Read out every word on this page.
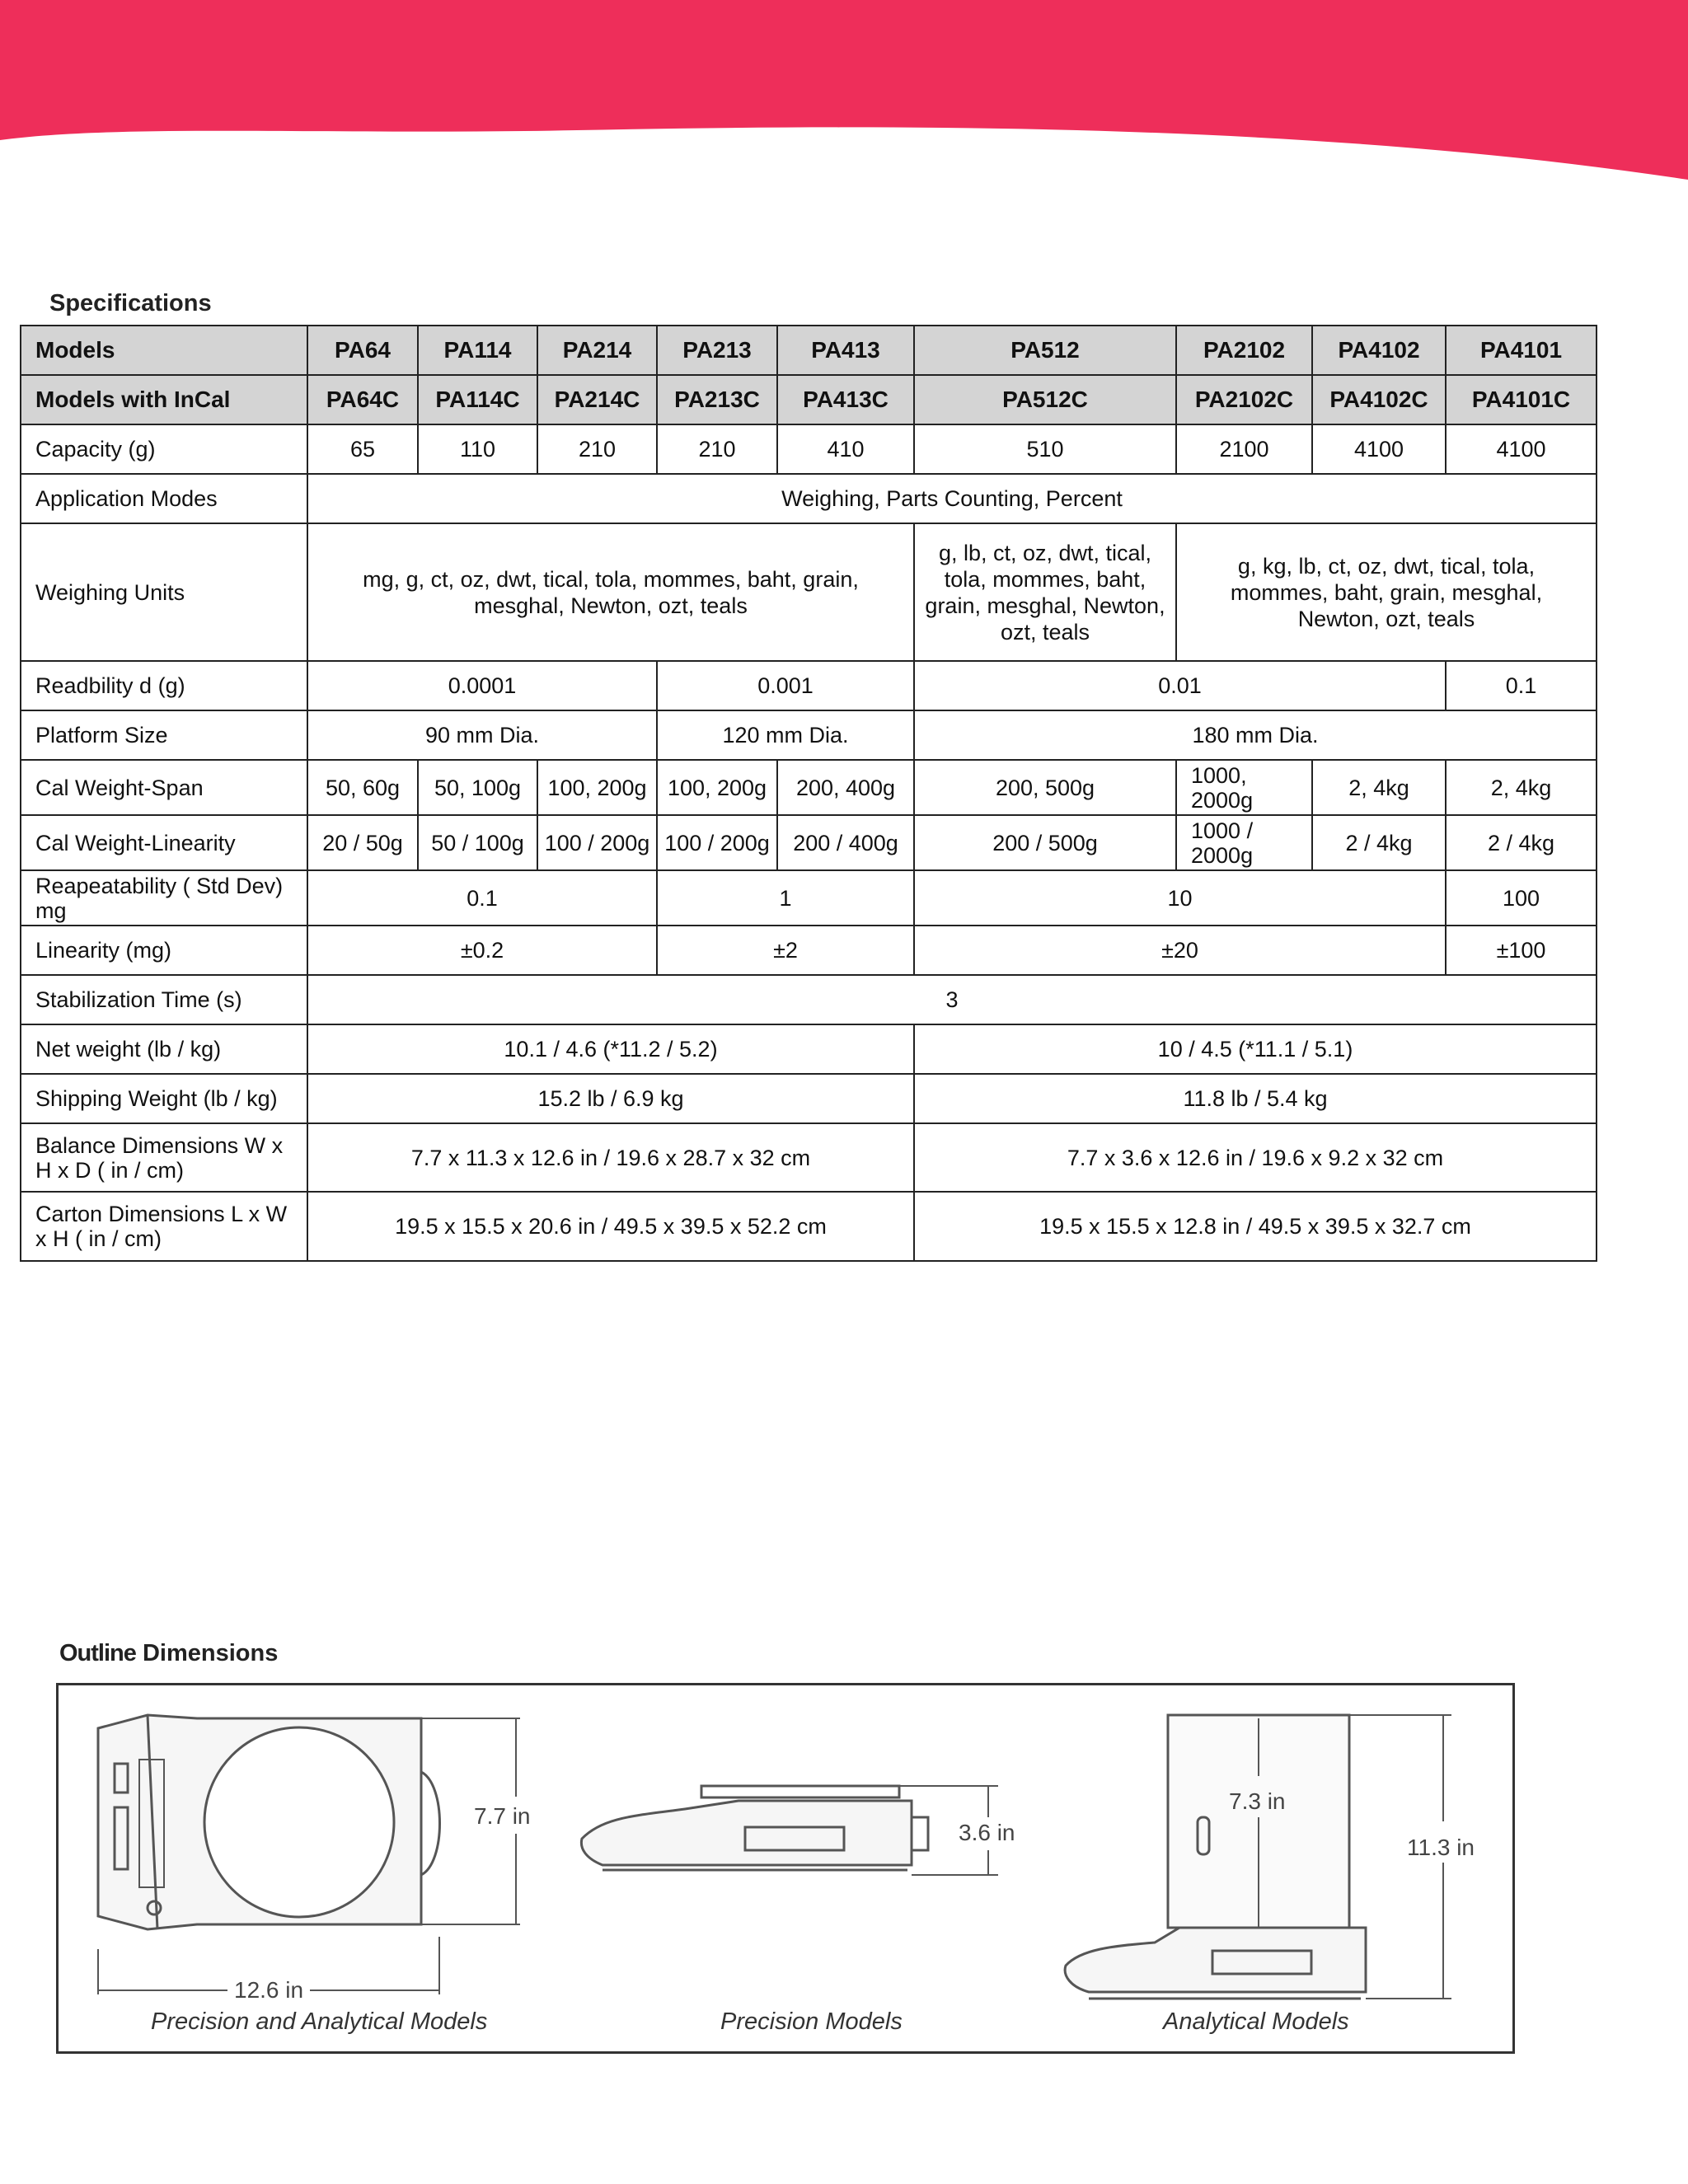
Specifications
Models	PA64	PA114	PA214	PA213	PA413	PA512	PA2102	PA4102	PA4101
Models with InCal	PA64C	PA114C	PA214C	PA213C	PA413C	PA512C	PA2102C	PA4102C	PA4101C
Capacity (g)	65	110	210	210	410	510	2100	4100	4100
Application Modes	Weighing, Parts Counting, Percent								
Weighing Units	mg, g, ct, oz, dwt, tical, tola, mommes, baht, grain, mesghal, Newton, ozt, teals					g, lb, ct, oz, dwt, tical, tola, mommes, baht, grain, mesghal, Newton, ozt, teals	g, kg, lb, ct, oz, dwt, tical, tola, mommes, baht, grain, mesghal, Newton, ozt, teals		
Readbility d (g)	0.0001			0.001		0.01			0.1
Platform Size	90 mm Dia.			120 mm Dia.		180 mm Dia.			
Cal Weight-Span	50, 60g	50, 100g	100, 200g	100, 200g	200, 400g	200, 500g	1000, 2000g	2, 4kg	2, 4kg
Cal Weight-Linearity	20 / 50g	50 / 100g	100 / 200g	100 / 200g	200 / 400g	200 / 500g	1000 / 2000g	2 / 4kg	2 / 4kg
Reapeatability ( Std Dev) mg	0.1			1		10			100
Linearity (mg)	±0.2			±2		±20			±100
Stabilization Time (s)	3								
Net weight (lb / kg)	10.1 / 4.6 (*11.2 / 5.2)					10 / 4.5 (*11.1 / 5.1)			
Shipping Weight (lb / kg)	15.2 lb / 6.9 kg					11.8 lb / 5.4 kg			
Balance Dimensions W x H x D ( in / cm)	7.7 x 11.3 x 12.6 in / 19.6 x 28.7 x 32 cm					7.7 x 3.6 x 12.6 in / 19.6 x 9.2 x 32 cm			
Carton Dimensions L x W x H ( in / cm)	19.5 x 15.5 x 20.6 in / 49.5 x 39.5 x 52.2 cm					19.5 x 15.5 x 12.8 in / 49.5 x 39.5 x 32.7 cm			
Outline Dimensions
12.6 in
7.7 in
3.6 in
7.3 in
11.3 in
Precision and Analytical Models	Precision Models	Analytical Models
